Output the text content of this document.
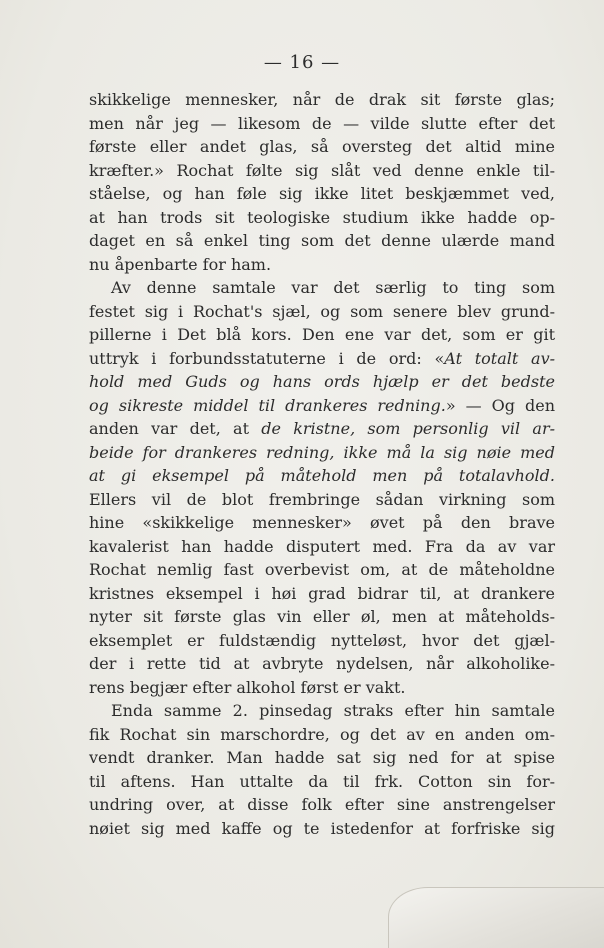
— 16 —
skikkelige mennesker, når de drak sit første glas;
men når jeg — likesom de — vilde slutte efter det
første eller andet glas, så oversteg det altid mine
kræfter.» Rochat følte sig slåt ved denne enkle til-
ståelse, og han føle sig ikke litet beskjæmmet ved,
at han trods sit teologiske studium ikke hadde op-
daget en så enkel ting som det denne ulærde mand
nu åpenbarte for ham.
Av denne samtale var det særlig to ting som
festet sig i Rochat's sjæl, og som senere blev grund-
pillerne i Det blå kors. Den ene var det, som er git
uttryk i forbundsstatuterne i de ord: «At totalt av-
hold med Guds og hans ords hjælp er det bedste
og sikreste middel til drankeres redning.» — Og den
anden var det, at de kristne, som personlig vil ar-
beide for drankeres redning, ikke må la sig nøie med
at gi eksempel på måtehold men på totalavhold.
Ellers vil de blot frembringe sådan virkning som
hine «skikkelige mennesker» øvet på den brave
kavalerist han hadde disputert med. Fra da av var
Rochat nemlig fast overbevist om, at de måteholdne
kristnes eksempel i høi grad bidrar til, at drankere
nyter sit første glas vin eller øl, men at måteholds-
eksemplet er fuldstændig nytteløst, hvor det gjæl-
der i rette tid at avbryte nydelsen, når alkoholike-
rens begjær efter alkohol først er vakt.
Enda samme 2. pinsedag straks efter hin samtale
fik Rochat sin marschordre, og det av en anden om-
vendt dranker. Man hadde sat sig ned for at spise
til aftens. Han uttalte da til frk. Cotton sin for-
undring over, at disse folk efter sine anstrengelser
nøiet sig med kaffe og te istedenfor at forfriske sig
